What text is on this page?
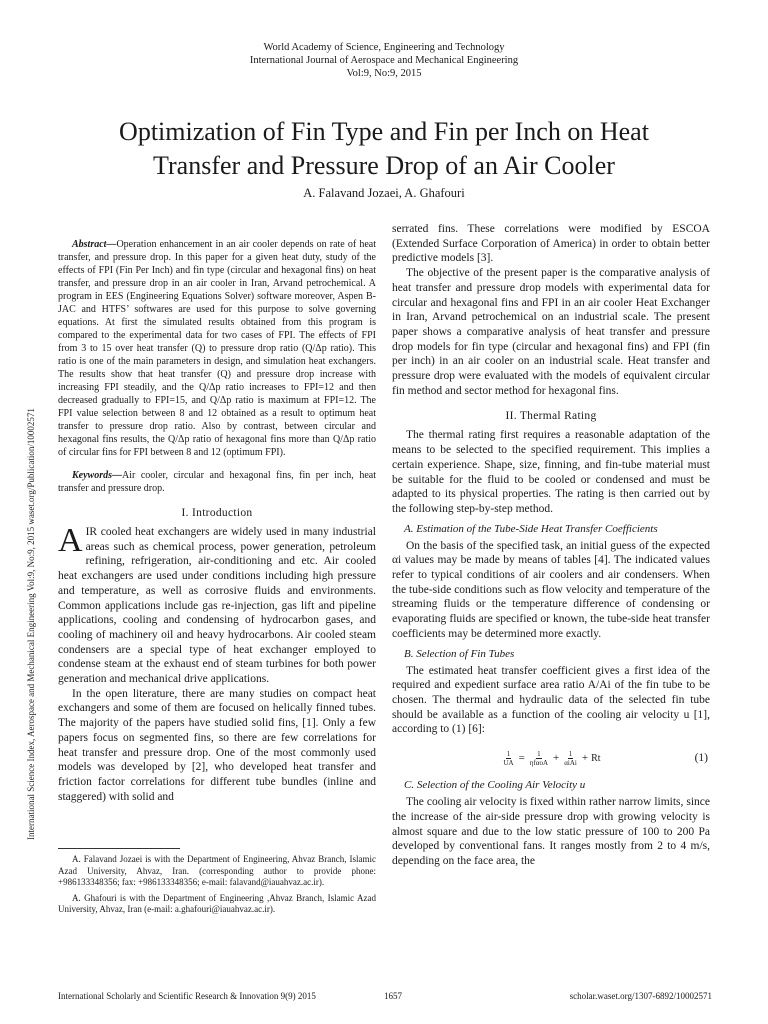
World Academy of Science, Engineering and Technology
International Journal of Aerospace and Mechanical Engineering
Vol:9, No:9, 2015
International Science Index, Aerospace and Mechanical Engineering Vol:9, No:9, 2015 waset.org/Publication/10002571
Optimization of Fin Type and Fin per Inch on Heat
Transfer and Pressure Drop of an Air Cooler
A. Falavand Jozaei, A. Ghafouri

Abstract—Operation enhancement in an air cooler depends on rate of heat transfer, and pressure drop. In this paper for a given heat duty, study of the effects of FPI (Fin Per Inch) and fin type (circular and hexagonal fins) on heat transfer, and pressure drop in an air cooler in Iran, Arvand petrochemical. A program in EES (Engineering Equations Solver) software moreover, Aspen B-JAC and HTFS’ softwares are used for this purpose to solve governing equations. At first the simulated results obtained from this program is compared to the experimental data for two cases of FPI. The effects of FPI from 3 to 15 over heat transfer (Q) to pressure drop ratio (Q/Δp ratio). This ratio is one of the main parameters in design, and simulation heat exchangers. The results show that heat transfer (Q) and pressure drop increase with increasing FPI steadily, and the Q/Δp ratio increases to FPI=12 and then decreased gradually to FPI=15, and Q/Δp ratio is maximum at FPI=12. The FPI value selection between 8 and 12 obtained as a result to optimum heat transfer to pressure drop ratio. Also by contrast, between circular and hexagonal fins results, the Q/Δp ratio of hexagonal fins more than Q/Δp ratio of circular fins for FPI between 8 and 12 (optimum FPI).

Keywords—Air cooler, circular and hexagonal fins, fin per inch, heat transfer and pressure drop.

I. Introduction

AIR cooled heat exchangers are widely used in many industrial areas such as chemical process, power generation, petroleum refining, refrigeration, air-conditioning and etc. Air cooled heat exchangers are used under conditions including high pressure and temperature, as well as corrosive fluids and environments. Common applications include gas re-injection, gas lift and pipeline applications, cooling and condensing of hydrocarbon gases, and cooling of machinery oil and heavy hydrocarbons. Air cooled steam condensers are a special type of heat exchanger employed to condense steam at the exhaust end of steam turbines for both power generation and mechanical drive applications.

In the open literature, there are many studies on compact heat exchangers and some of them are focused on helically finned tubes. The majority of the papers have studied solid fins, [1]. Only a few papers focus on segmented fins, so there are few correlations for heat transfer and pressure drop. One of the most commonly used models was developed by [2], who developed heat transfer and friction factor correlations for different tube bundles (inline and staggered) with solid and

A. Falavand Jozaei is with the Department of Engineering, Ahvaz Branch, Islamic Azad University, Ahvaz, Iran. (corresponding author to provide phone: +986133348356; fax: +986133348356; e-mail: falavand@iauahvaz.ac.ir).

A. Ghafouri is with the Department of Engineering ,Ahvaz Branch, Islamic Azad University, Ahvaz, Iran (e-mail: a.ghafouri@iauahvaz.ac.ir).

serrated fins. These correlations were modified by ESCOA (Extended Surface Corporation of America) in order to obtain better predictive models [3].

The objective of the present paper is the comparative analysis of heat transfer and pressure drop models with experimental data for circular and hexagonal fins and FPI in an air cooler Heat Exchanger in Iran, Arvand petrochemical on an industrial scale. The present paper shows a comparative analysis of heat transfer and pressure drop models for fin type (circular and hexagonal fins) and FPI (fin per inch) in an air cooler on an industrial scale. Heat transfer and pressure drop were evaluated with the models of equivalent circular fin method and sector method for hexagonal fins.

II. Thermal Rating

The thermal rating first requires a reasonable adaptation of the means to be selected to the specified requirement. This implies a certain experience. Shape, size, finning, and fin-tube material must be suitable for the fluid to be cooled or condensed and must be adapted to its physical properties. The rating is then carried out by the following step-by-step method.

A. Estimation of the Tube-Side Heat Transfer Coefficients

On the basis of the specified task, an initial guess of the expected αi values may be made by means of tables [4]. The indicated values refer to typical conditions of air coolers and air condensers. When the tube-side conditions such as flow velocity and temperature of the streaming fluids or the temperature difference of condensing or evaporating fluids are specified or known, the tube-side heat transfer coefficients may be determined more exactly.

B. Selection of Fin Tubes

The estimated heat transfer coefficient gives a first idea of the required and expedient surface area ratio A/Ai of the fin tube to be chosen. The thermal and hydraulic data of the selected fin tube should be available as a function of the cooling air velocity u [1], according to (1) [6]:

$\frac{1}{UA} = \frac{1}{\text{ηfαoA}} + \frac{1}{\text{αiAi}} + Rt$	(1)
C. Selection of the Cooling Air Velocity u

The cooling air velocity is fixed within rather narrow limits, since the increase of the air-side pressure drop with growing velocity is almost square and due to the low static pressure of 100 to 200 Pa developed by conventional fans. It ranges mostly from 2 to 4 m/s, depending on the face area, the

International Scholarly and Scientific Research & Innovation 9(9) 2015	1657	scholar.waset.org/1307-6892/10002571
